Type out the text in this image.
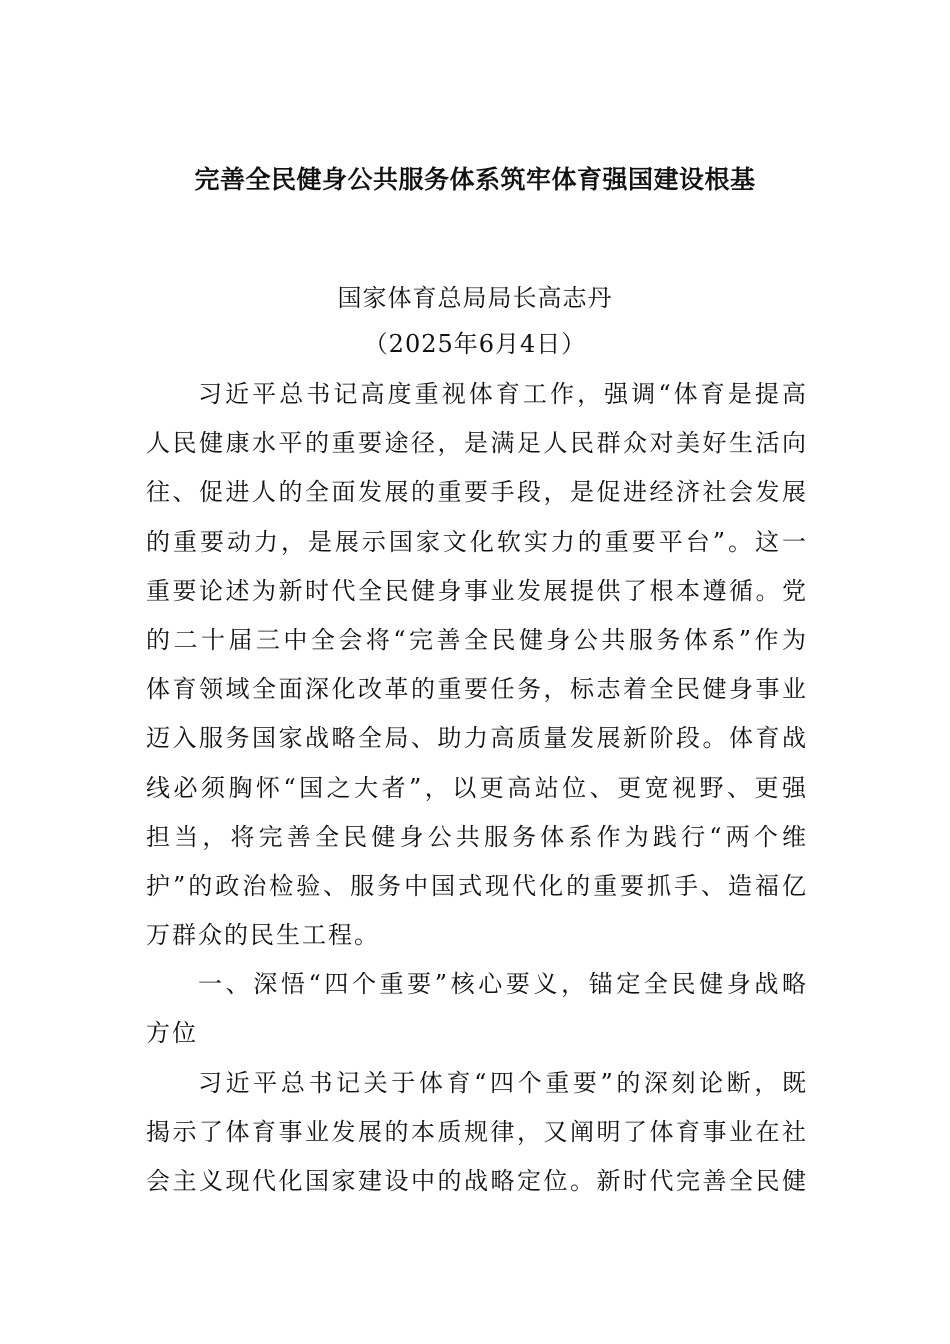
完善全民健身公共服务体系筑牢体育强国建设根基
国家体育总局局长高志丹
（2025年6月4日）
习近平总书记高度重视体育工作，强调“体育是提高
人民健康水平的重要途径，是满足人民群众对美好生活向
往、促进人的全面发展的重要手段，是促进经济社会发展
的重要动力，是展示国家文化软实力的重要平台”。这一
重要论述为新时代全民健身事业发展提供了根本遵循。党
的二十届三中全会将“完善全民健身公共服务体系”作为
体育领域全面深化改革的重要任务，标志着全民健身事业
迈入服务国家战略全局、助力高质量发展新阶段。体育战
线必须胸怀“国之大者”，以更高站位、更宽视野、更强
担当，将完善全民健身公共服务体系作为践行“两个维
护”的政治检验、服务中国式现代化的重要抓手、造福亿
万群众的民生工程。
一、深悟“四个重要”核心要义，锚定全民健身战略
方位
习近平总书记关于体育“四个重要”的深刻论断，既
揭示了体育事业发展的本质规律，又阐明了体育事业在社
会主义现代化国家建设中的战略定位。新时代完善全民健
